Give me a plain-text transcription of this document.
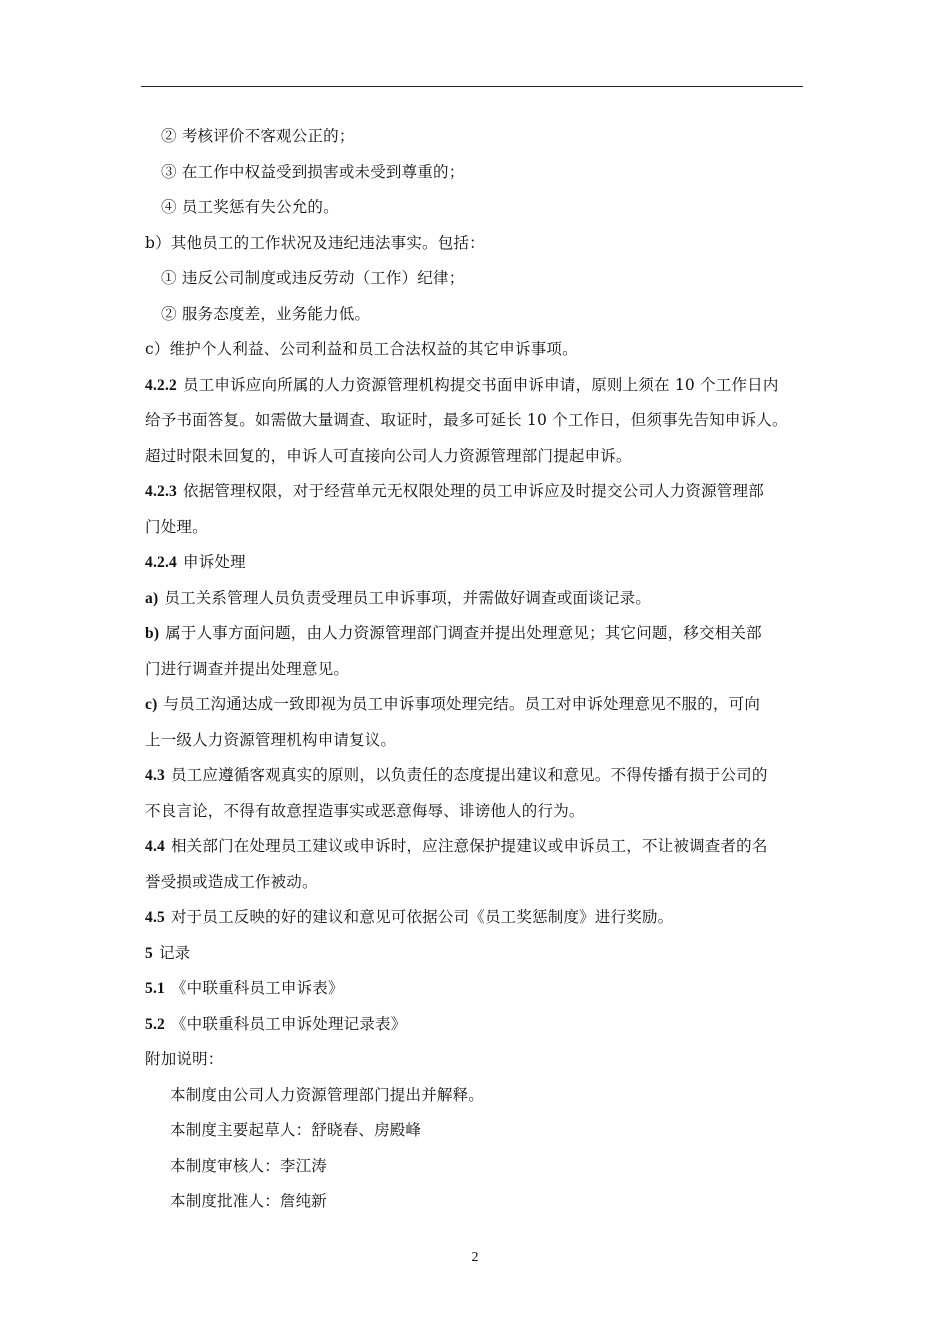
② 考核评价不客观公正的；
③ 在工作中权益受到损害或未受到尊重的；
④ 员工奖惩有失公允的。
b）其他员工的工作状况及违纪违法事实。包括：
① 违反公司制度或违反劳动（工作）纪律；
② 服务态度差，业务能力低。
c）维护个人利益、公司利益和员工合法权益的其它申诉事项。
4.2.2 员工申诉应向所属的人力资源管理机构提交书面申诉申请，原则上须在 10 个工作日内
给予书面答复。如需做大量调查、取证时，最多可延长 10 个工作日，但须事先告知申诉人。
超过时限未回复的，申诉人可直接向公司人力资源管理部门提起申诉。
4.2.3 依据管理权限，对于经营单元无权限处理的员工申诉应及时提交公司人力资源管理部
门处理。
4.2.4 申诉处理
a) 员工关系管理人员负责受理员工申诉事项，并需做好调查或面谈记录。
b) 属于人事方面问题，由人力资源管理部门调查并提出处理意见；其它问题，移交相关部
门进行调查并提出处理意见。
c) 与员工沟通达成一致即视为员工申诉事项处理完结。员工对申诉处理意见不服的，可向
上一级人力资源管理机构申请复议。
4.3 员工应遵循客观真实的原则，以负责任的态度提出建议和意见。不得传播有损于公司的
不良言论，不得有故意捏造事实或恶意侮辱、诽谤他人的行为。
4.4 相关部门在处理员工建议或申诉时，应注意保护提建议或申诉员工，不让被调查者的名
誉受损或造成工作被动。
4.5 对于员工反映的好的建议和意见可依据公司《员工奖惩制度》进行奖励。
5 记录
5.1 《中联重科员工申诉表》
5.2 《中联重科员工申诉处理记录表》
附加说明：
本制度由公司人力资源管理部门提出并解释。
本制度主要起草人：舒晓春、房殿峰
本制度审核人：李江涛
本制度批准人：詹纯新
2
